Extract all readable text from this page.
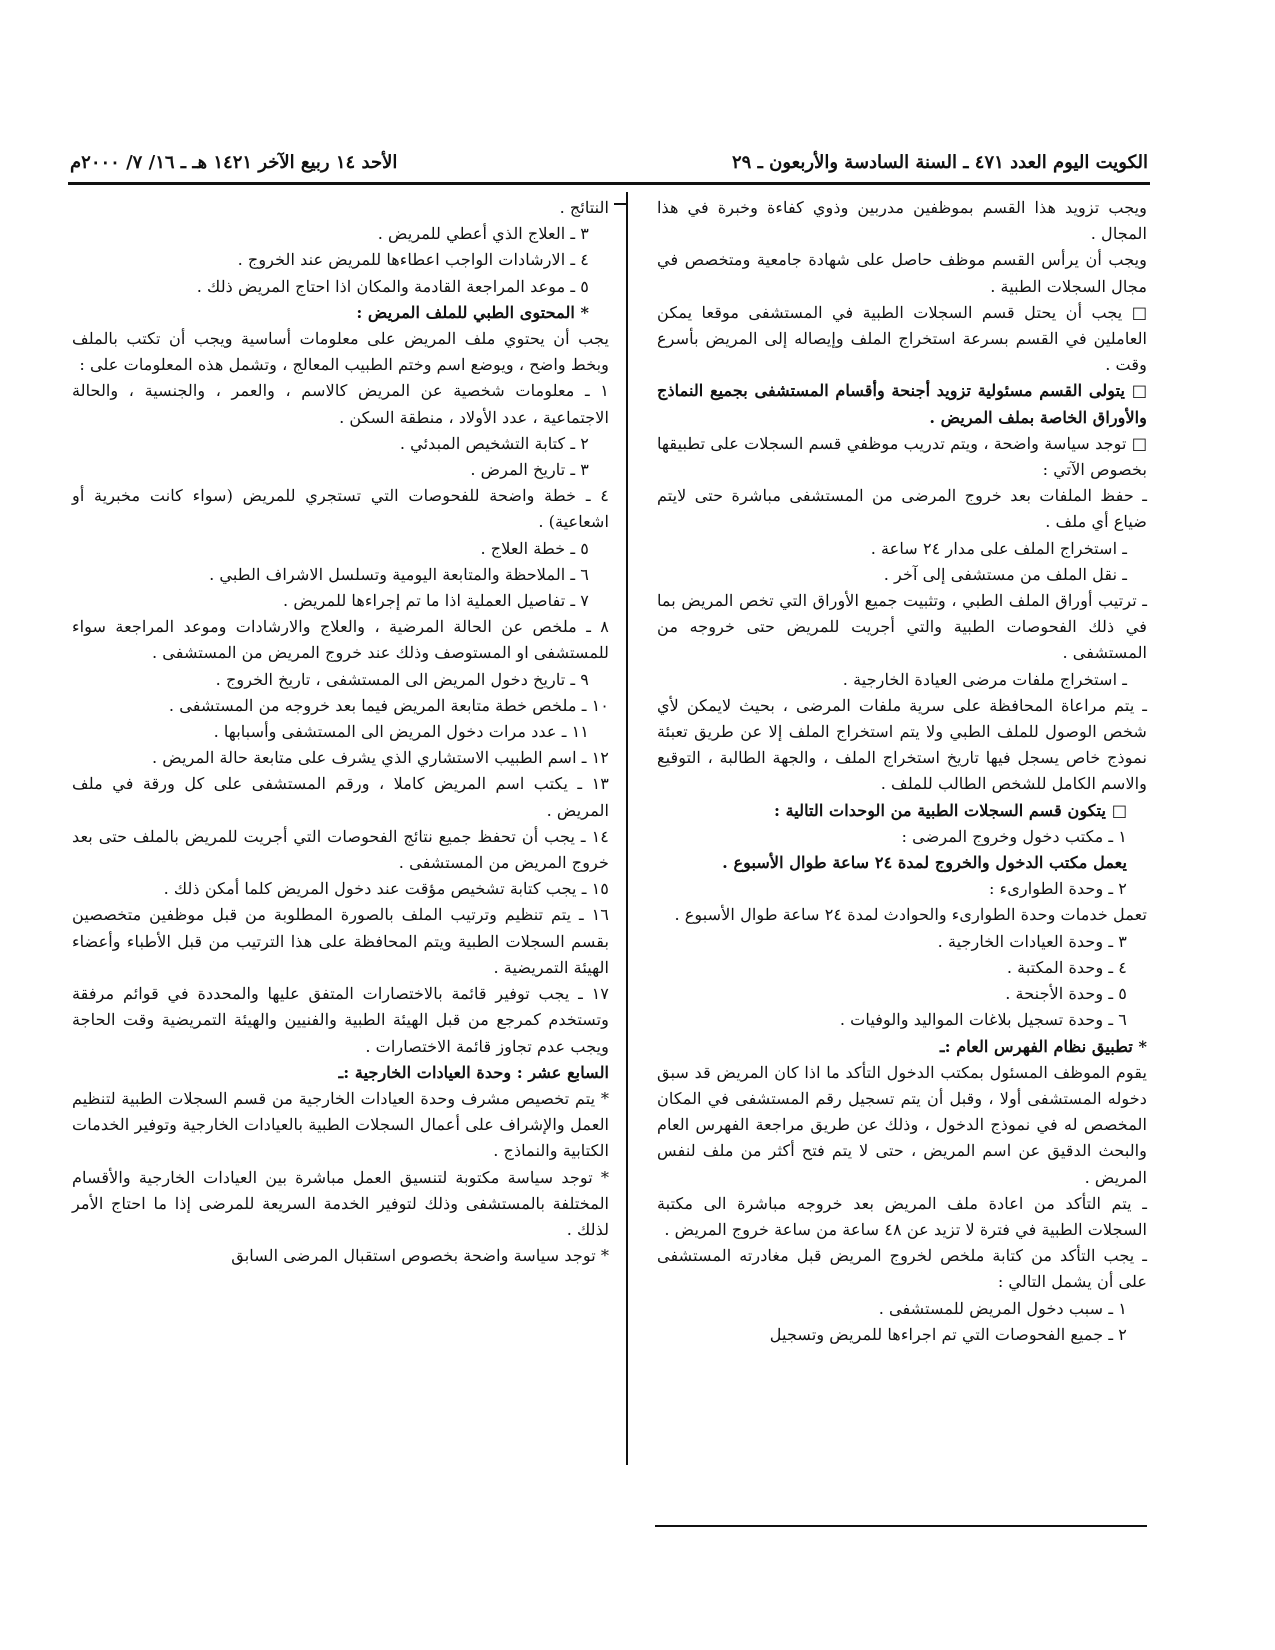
الكويت اليوم العدد ٤٧١ ـ السنة السادسة والأربعون ـ ٢٩
الأحد ١٤ ربيع الآخر ١٤٢١ هـ ـ ١٦/ ٧/ ٢٠٠٠م

ويجب تزويد هذا القسم بموظفين مدربين وذوي كفاءة وخبرة في هذا المجال .

ويجب أن يرأس القسم موظف حاصل على شهادة جامعية ومتخصص في مجال السجلات الطبية .

□ يجب أن يحتل قسم السجلات الطبية في المستشفى موقعا يمكن العاملين في القسم بسرعة استخراج الملف وإيصاله إلى المريض بأسرع وقت .

□ يتولى القسم مسئولية تزويد أجنحة وأقسام المستشفى بجميع النماذج والأوراق الخاصة بملف المريض .

□ توجد سياسة واضحة ، ويتم تدريب موظفي قسم السجلات على تطبيقها بخصوص الآتي :

ـ حفظ الملفات بعد خروج المرضى من المستشفى مباشرة حتى لايتم ضياع أي ملف .

ـ استخراج الملف على مدار ٢٤ ساعة .

ـ نقل الملف من مستشفى إلى آخر .

ـ ترتيب أوراق الملف الطبي ، وتثبيت جميع الأوراق التي تخص المريض بما في ذلك الفحوصات الطبية والتي أجريت للمريض حتى خروجه من المستشفى .

ـ استخراج ملفات مرضى العيادة الخارجية .

ـ يتم مراعاة المحافظة على سرية ملفات المرضى ، بحيث لايمكن لأي شخص الوصول للملف الطبي ولا يتم استخراج الملف إلا عن طريق تعبئة نموذج خاص يسجل فيها تاريخ استخراج الملف ، والجهة الطالبة ، التوقيع والاسم الكامل للشخص الطالب للملف .

□ يتكون قسم السجلات الطبية من الوحدات التالية :

١ ـ مكتب دخول وخروج المرضى :

يعمل مكتب الدخول والخروج لمدة ٢٤ ساعة طوال الأسبوع .

٢ ـ وحدة الطوارىء :

تعمل خدمات وحدة الطوارىء والحوادث لمدة ٢٤ ساعة طوال الأسبوع .

٣ ـ وحدة العيادات الخارجية .

٤ ـ وحدة المكتبة .

٥ ـ وحدة الأجنحة .

٦ ـ وحدة تسجيل بلاغات المواليد والوفيات .

* تطبيق نظام الفهرس العام :ـ

يقوم الموظف المسئول بمكتب الدخول التأكد ما اذا كان المريض قد سبق دخوله المستشفى أولا ، وقبل أن يتم تسجيل رقم المستشفى في المكان المخصص له في نموذج الدخول ، وذلك عن طريق مراجعة الفهرس العام والبحث الدقيق عن اسم المريض ، حتى لا يتم فتح أكثر من ملف لنفس المريض .

ـ يتم التأكد من اعادة ملف المريض بعد خروجه مباشرة الى مكتبة السجلات الطبية في فترة لا تزيد عن ٤٨ ساعة من ساعة خروج المريض .

ـ يجب التأكد من كتابة ملخص لخروج المريض قبل مغادرته المستشفى على أن يشمل التالي :

١ ـ سبب دخول المريض للمستشفى .

٢ ـ جميع الفحوصات التي تم اجراءها للمريض وتسجيل

النتائج .

٣ ـ العلاج الذي أعطي للمريض .

٤ ـ الارشادات الواجب اعطاءها للمريض عند الخروج .

٥ ـ موعد المراجعة القادمة والمكان اذا احتاج المريض ذلك .

* المحتوى الطبي للملف المريض :

يجب أن يحتوي ملف المريض على معلومات أساسية ويجب أن تكتب بالملف وبخط واضح ، ويوضع اسم وختم الطبيب المعالج ، وتشمل هذه المعلومات على :

١ ـ معلومات شخصية عن المريض كالاسم ، والعمر ، والجنسية ، والحالة الاجتماعية ، عدد الأولاد ، منطقة السكن .

٢ ـ كتابة التشخيص المبدئي .

٣ ـ تاريخ المرض .

٤ ـ خطة واضحة للفحوصات التي تستجري للمريض (سواء كانت مخبرية أو اشعاعية) .

٥ ـ خطة العلاج .

٦ ـ الملاحظة والمتابعة اليومية وتسلسل الاشراف الطبي .

٧ ـ تفاصيل العملية اذا ما تم إجراءها للمريض .

٨ ـ ملخص عن الحالة المرضية ، والعلاج والارشادات وموعد المراجعة سواء للمستشفى او المستوصف وذلك عند خروج المريض من المستشفى .

٩ ـ تاريخ دخول المريض الى المستشفى ، تاريخ الخروج .

١٠ ـ ملخص خطة متابعة المريض فيما بعد خروجه من المستشفى .

١١ ـ عدد مرات دخول المريض الى المستشفى وأسبابها .

١٢ ـ اسم الطبيب الاستشاري الذي يشرف على متابعة حالة المريض .

١٣ ـ يكتب اسم المريض كاملا ، ورقم المستشفى على كل ورقة في ملف المريض .

١٤ ـ يجب أن تحفظ جميع نتائج الفحوصات التي أجريت للمريض بالملف حتى بعد خروج المريض من المستشفى .

١٥ ـ يجب كتابة تشخيص مؤقت عند دخول المريض كلما أمكن ذلك .

١٦ ـ يتم تنظيم وترتيب الملف بالصورة المطلوبة من قبل موظفين متخصصين بقسم السجلات الطبية ويتم المحافظة على هذا الترتيب من قبل الأطباء وأعضاء الهيئة التمريضية .

١٧ ـ يجب توفير قائمة بالاختصارات المتفق عليها والمحددة في قوائم مرفقة وتستخدم كمرجع من قبل الهيئة الطبية والفنيين والهيئة التمريضية وقت الحاجة ويجب عدم تجاوز قائمة الاختصارات .

السابع عشر : وحدة العيادات الخارجية :ـ

* يتم تخصيص مشرف وحدة العيادات الخارجية من قسم السجلات الطبية لتنظيم العمل والإشراف على أعمال السجلات الطبية بالعيادات الخارجية وتوفير الخدمات الكتابية والنماذج .

* توجد سياسة مكتوبة لتنسيق العمل مباشرة بين العيادات الخارجية والأقسام المختلفة بالمستشفى وذلك لتوفير الخدمة السريعة للمرضى إذا ما احتاج الأمر لذلك .

* توجد سياسة واضحة بخصوص استقبال المرضى السابق
